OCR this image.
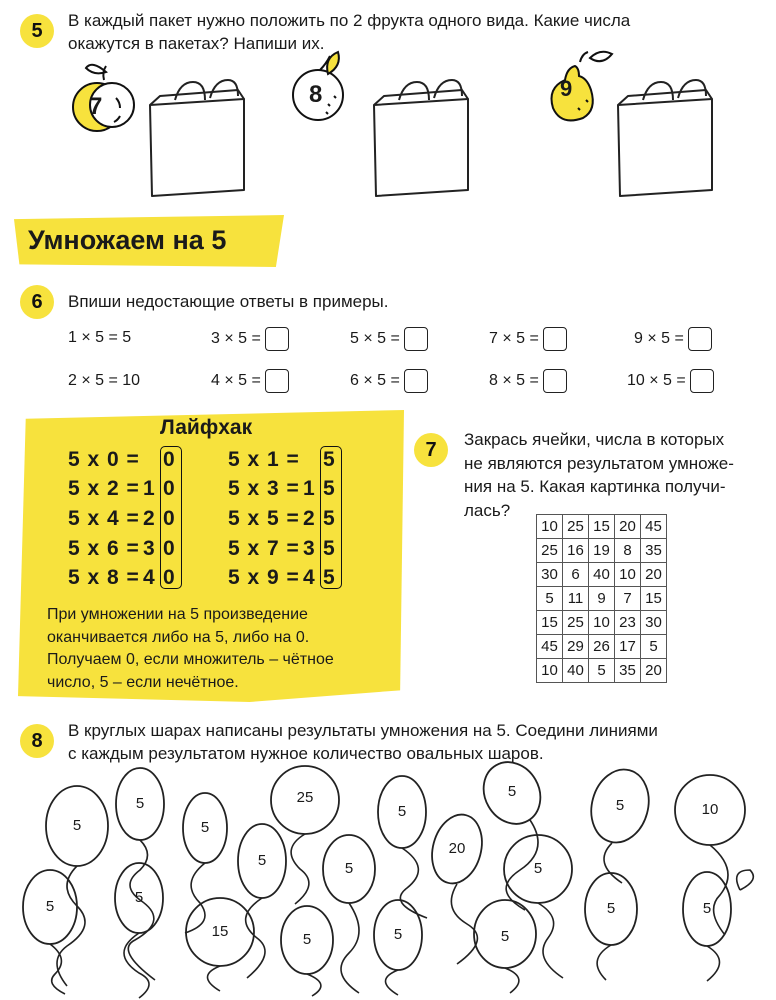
5	В каждый пакет нужно положить по 2 фрукта одного вида. Какие числа
окажутся в пакетах? Напиши их.
7	8	9
Умножаем на 5
6	Впиши недостающие ответы в примеры.
1 × 5 = 5	3 × 5 =	5 × 5 =	7 × 5 =	9 × 5 =
2 × 5 = 10	4 × 5 =	6 × 5 =	8 × 5 =	10 × 5 =
Лайфхак
5 x 0 = 0
5 x 2 = 1 0
5 x 4 = 2 0
5 x 6 = 3 0
5 x 8 = 4 0
5 x 1 = 5
5 x 3 = 1 5
5 x 5 = 2 5
5 x 7 = 3 5
5 x 9 = 4 5
При умножении на 5 произведение
оканчивается либо на 5, либо на 0.
Получаем 0, если множитель – чётное
число, 5 – если нечётное.
7	Закрась ячейки, числа в которых
не являются результатом умноже-
ния на 5. Какая картинка получи-
лась?
10	25	15	20	45
25	16	19	8	35
30	6	40	10	20
5	11	9	7	15
15	25	10	23	30
45	29	26	17	5
10	40	5	35	20
8	В круглых шарах написаны результаты умножения на 5. Соедини линиями
с каждым результатом нужное количество овальных шаров.
5
5
5
25
5
5
5	10
5
5
5	5
20
5
5	5
15	5	5	5
